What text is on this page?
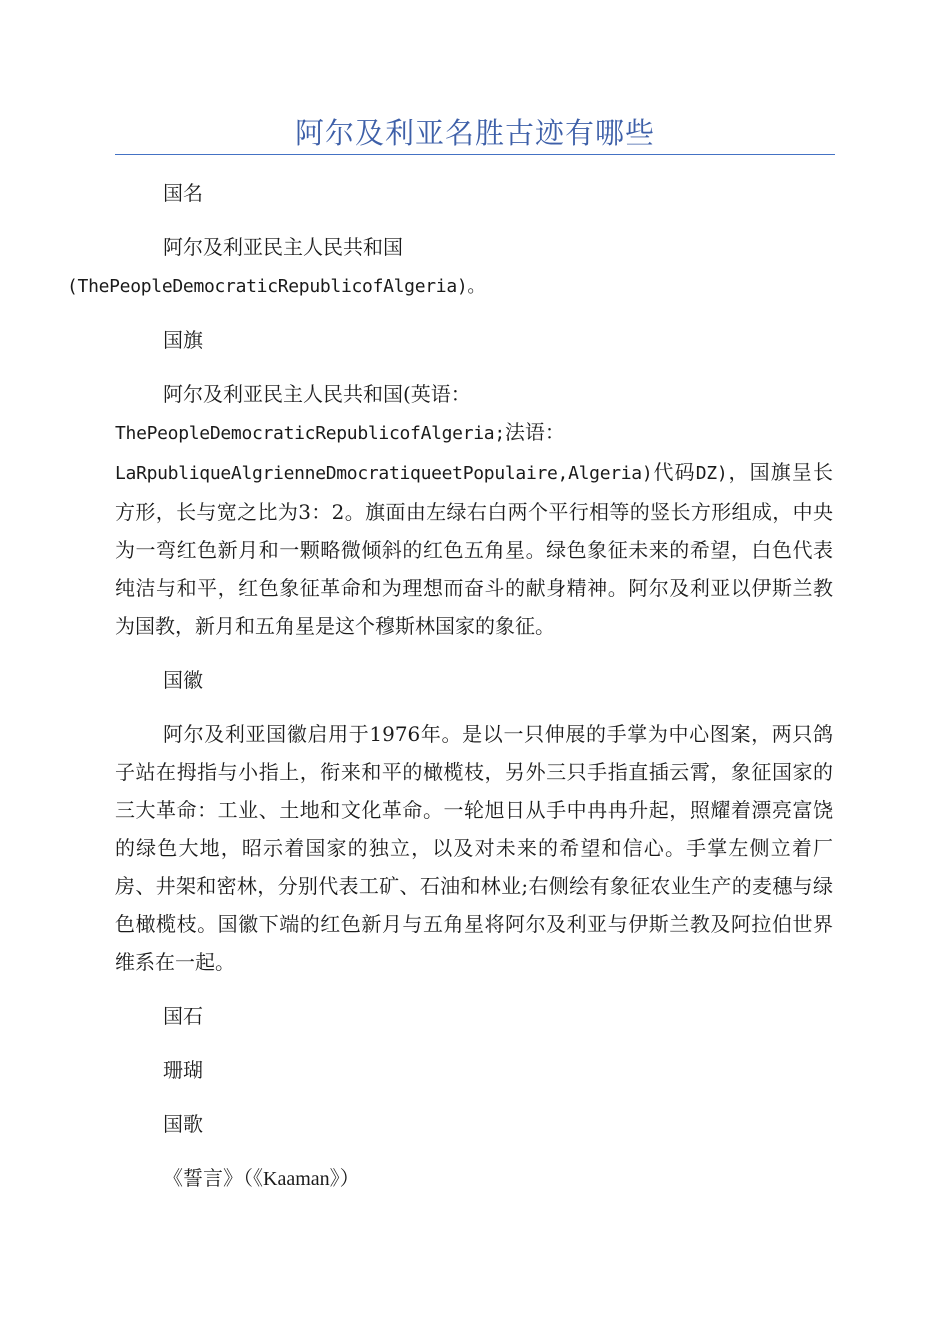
阿尔及利亚名胜古迹有哪些

国名

阿尔及利亚民主人民共和国
(ThePeopleDemocraticRepublicofAlgeria)。

国旗

阿尔及利亚民主人民共和国(英语：
ThePeopleDemocraticRepublicofAlgeria;法语：
LaRpubliqueAlgrienneDmocratiqueetPopulaire,Algeria)代码DZ)，国旗呈长方形，长与宽之比为3：2。旗面由左绿右白两个平行相等的竖长方形组成，中央为一弯红色新月和一颗略微倾斜的红色五角星。绿色象征未来的希望，白色代表纯洁与和平，红色象征革命和为理想而奋斗的献身精神。阿尔及利亚以伊斯兰教为国教，新月和五角星是这个穆斯林国家的象征。

国徽

阿尔及利亚国徽启用于1976年。是以一只伸展的手掌为中心图案，两只鸽子站在拇指与小指上，衔来和平的橄榄枝，另外三只手指直插云霄，象征国家的三大革命：工业、土地和文化革命。一轮旭日从手中冉冉升起，照耀着漂亮富饶的绿色大地，昭示着国家的独立，以及对未来的希望和信心。手掌左侧立着厂房、井架和密林，分别代表工矿、石油和林业;右侧绘有象征农业生产的麦穗与绿色橄榄枝。国徽下端的红色新月与五角星将阿尔及利亚与伊斯兰教及阿拉伯世界维系在一起。

国石

珊瑚

国歌

《誓言》（《Kaaman》）
